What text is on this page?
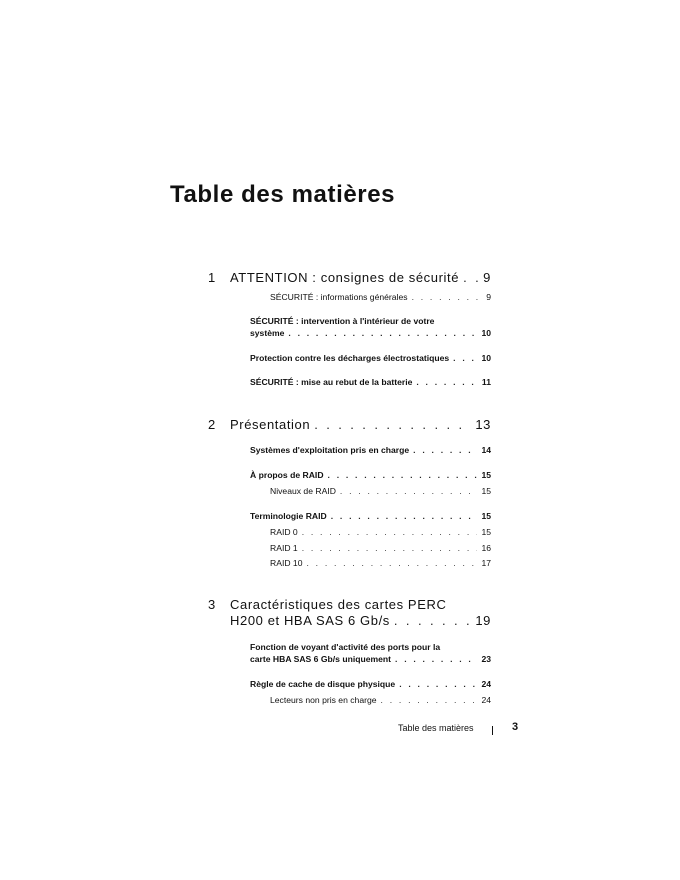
Table des matières
1 ATTENTION : consignes de sécurité . . . 9
SÉCURITÉ : informations générales . . .	9
SÉCURITÉ : intervention à l'intérieur de votre
système . . .	10
Protection contre les décharges électrostatiques . . .	10
SÉCURITÉ : mise au rebut de la batterie . . .	11
2 Présentation . . .	13
Systèmes d'exploitation pris en charge . . .	14
À propos de RAID . . .	15
Niveaux de RAID . . .	15
Terminologie RAID . . .	15
RAID 0 . . .	15
RAID 1 . . .	16
RAID 10 . . .	17
3 Caractéristiques des cartes PERC
H200 et HBA SAS 6 Gb/s . . .	19
Fonction de voyant d'activité des ports pour la
carte HBA SAS 6 Gb/s uniquement . . .	23
Règle de cache de disque physique . . .	24
Lecteurs non pris en charge . . .	24
Table des matières	3
